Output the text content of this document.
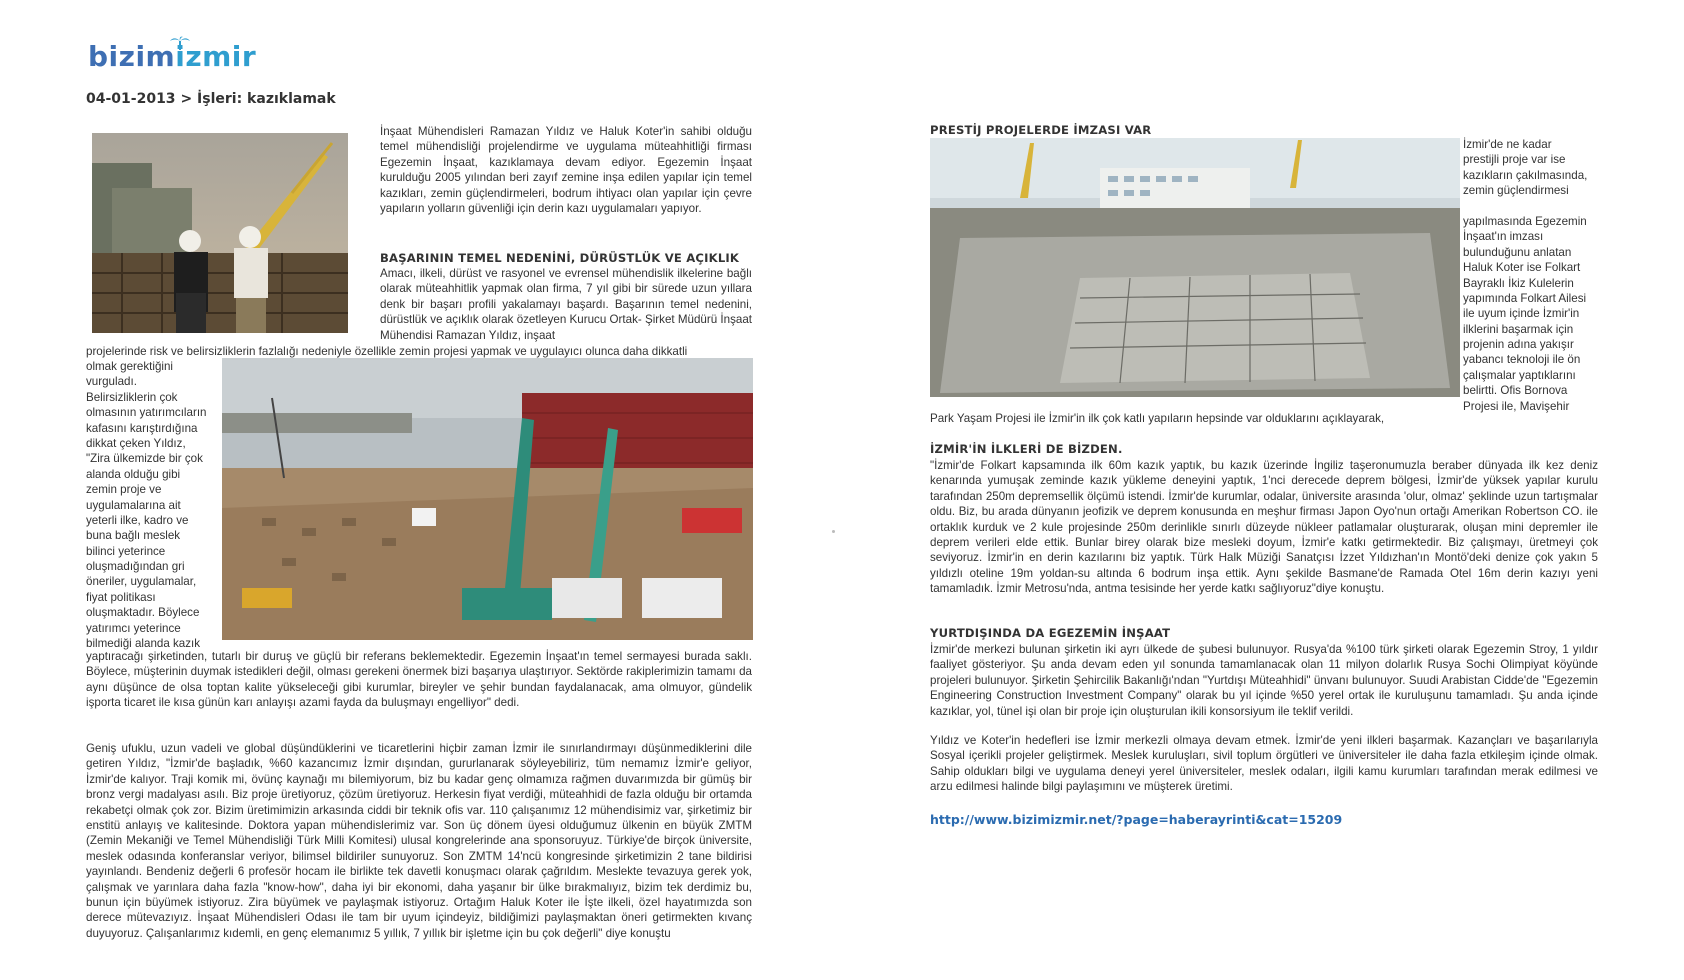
bizimizmir
04-01-2013 > İşleri: kazıklamak
İnşaat Mühendisleri Ramazan Yıldız ve Haluk Koter'in sahibi olduğu temel mühendisliği projelendirme ve uygulama müteahhitliği firması Egezemin İnşaat, kazıklamaya devam ediyor. Egezemin İnşaat kurulduğu 2005 yılından beri zayıf zemine inşa edilen yapılar için temel kazıkları, zemin güçlendirmeleri, bodrum ihtiyacı olan yapılar için çevre yapıların yolların güvenliği için derin kazı uygulamaları yapıyor.
BAŞARININ TEMEL NEDENİNİ, DÜRÜSTLÜK VE AÇIKLIK
Amacı, ilkeli, dürüst ve rasyonel ve evrensel mühendislik ilkelerine bağlı olarak müteahhitlik yapmak olan firma, 7 yıl gibi bir sürede uzun yıllara denk bir başarı profili yakalamayı başardı. Başarının temel nedenini, dürüstlük ve açıklık olarak özetleyen Kurucu Ortak- Şirket Müdürü İnşaat Mühendisi Ramazan Yıldız, inşaat
projelerinde risk ve belirsizliklerin fazlalığı nedeniyle özellikle zemin projesi yapmak ve uygulayıcı olunca daha dikkatli
olmak gerektiğini
vurguladı.
Belirsizliklerin çok
olmasının yatırımcıların
kafasını karıştırdığına
dikkat çeken Yıldız,
"Zira ülkemizde bir çok
alanda olduğu gibi
zemin proje ve
uygulamalarına ait
yeterli ilke, kadro ve
buna bağlı meslek
bilinci yeterince
oluşmadığından gri
öneriler, uygulamalar,
fiyat politikası
oluşmaktadır. Böylece
yatırımcı yeterince
bilmediği alanda kazık
yaptıracağı şirketinden, tutarlı bir duruş ve güçlü bir referans beklemektedir. Egezemin İnşaat'ın temel sermayesi burada saklı. Böylece, müşterinin duymak istedikleri değil, olması gerekeni önermek bizi başarıya ulaştırıyor. Sektörde rakiplerimizin tamamı da aynı düşünce de olsa toptan kalite yükseleceği gibi kurumlar, bireyler ve şehir bundan faydalanacak, ama olmuyor, gündelik işporta ticaret ile kısa günün karı anlayışı azami fayda da buluşmayı engelliyor" dedi.
Geniş ufuklu, uzun vadeli ve global düşündüklerini ve ticaretlerini hiçbir zaman İzmir ile sınırlandırmayı düşünmediklerini dile getiren Yıldız, "İzmir'de başladık, %60 kazancımız İzmir dışından, gururlanarak söyleyebiliriz, tüm nemamız İzmir'e geliyor, İzmir'de kalıyor. Traji komik mi, övünç kaynağı mı bilemiyorum, biz bu kadar genç olmamıza rağmen duvarımızda bir gümüş bir bronz vergi madalyası asılı. Biz proje üretiyoruz, çözüm üretiyoruz. Herkesin fiyat verdiği, müteahhidi de fazla olduğu bir ortamda rekabetçi olmak çok zor. Bizim üretimimizin arkasında ciddi bir teknik ofis var. 110 çalışanımız 12 mühendisimiz var, şirketimiz bir enstitü anlayış ve kalitesinde. Doktora yapan mühendislerimiz var. Son üç dönem üyesi olduğumuz ülkenin en büyük ZMTM (Zemin Mekaniği ve Temel Mühendisliği Türk Milli Komitesi) ulusal kongrelerinde ana sponsoruyuz. Türkiye'de birçok üniversite, meslek odasında konferanslar veriyor, bilimsel bildiriler sunuyoruz. Son ZMTM 14'ncü kongresinde şirketimizin 2 tane bildirisi yayınlandı. Bendeniz değerli 6 profesör hocam ile birlikte tek davetli konuşmacı olarak çağrıldım. Meslekte tevazuya gerek yok, çalışmak ve yarınlara daha fazla "know-how", daha iyi bir ekonomi, daha yaşanır bir ülke bırakmalıyız, bizim tek derdimiz bu, bunun için büyümek istiyoruz. Zira büyümek ve paylaşmak istiyoruz. Ortağım Haluk Koter ile İşte ilkeli, özel hayatımızda son derece mütevazıyız. İnşaat Mühendisleri Odası ile tam bir uyum içindeyiz, bildiğimizi paylaşmaktan öneri getirmekten kıvanç duyuyoruz. Çalışanlarımız kıdemli, en genç elemanımız 5 yıllık, 7 yıllık bir işletme için bu çok değerli" diye konuştu
PRESTİJ PROJELERDE İMZASI VAR
İzmir'de ne kadar
prestijli proje var ise
kazıkların çakılmasında,
zemin güçlendirmesi
yapılmasında Egezemin
İnşaat'ın imzası
bulunduğunu anlatan
Haluk Koter ise Folkart
Bayraklı İkiz Kulelerin
yapımında Folkart Ailesi
ile uyum içinde İzmir'in
ilklerini başarmak için
projenin adına yakışır
yabancı teknoloji ile ön
çalışmalar yaptıklarını
belirtti. Ofis Bornova
Projesi ile, Mavişehir
Park Yaşam Projesi ile İzmir'in ilk çok katlı yapıların hepsinde var olduklarını açıklayarak,
İZMİR'İN İLKLERİ DE BİZDEN.
"İzmir'de Folkart kapsamında ilk 60m kazık yaptık, bu kazık üzerinde İngiliz taşeronumuzla beraber dünyada ilk kez deniz kenarında yumuşak zeminde kazık yükleme deneyini yaptık, 1'nci derecede deprem bölgesi, İzmir'de yüksek yapılar kurulu tarafından 250m depremsellik ölçümü istendi. İzmir'de kurumlar, odalar, üniversite arasında 'olur, olmaz' şeklinde uzun tartışmalar oldu. Biz, bu arada dünyanın jeofizik ve deprem konusunda en meşhur firması Japon Oyo'nun ortağı Amerikan Robertson CO. ile ortaklık kurduk ve 2 kule projesinde 250m derinlikle sınırlı düzeyde nükleer patlamalar oluşturarak, oluşan mini depremler ile deprem verileri elde ettik. Bunlar birey olarak bize mesleki doyum, İzmir'e katkı getirmektedir. Biz çalışmayı, üretmeyi çok seviyoruz. İzmir'in en derin kazılarını biz yaptık. Türk Halk Müziği Sanatçısı İzzet Yıldızhan'ın Montö'deki denize çok yakın 5 yıldızlı oteline 19m yoldan-su altında 6 bodrum inşa ettik. Aynı şekilde Basmane'de Ramada Otel 16m derin kazıyı yeni tamamladık. İzmir Metrosu'nda, antma tesisinde her yerde katkı sağlıyoruz"diye konuştu.
YURTDIŞINDA DA EGEZEMİN İNŞAAT
İzmir'de merkezi bulunan şirketin iki ayrı ülkede de şubesi bulunuyor. Rusya'da %100 türk şirketi olarak Egezemin Stroy, 1 yıldır faaliyet gösteriyor. Şu anda devam eden yıl sonunda tamamlanacak olan 11 milyon dolarlık Rusya Sochi Olimpiyat köyünde projeleri bulunuyor. Şirketin Şehircilik Bakanlığı'ndan "Yurtdışı Müteahhidi" ünvanı bulunuyor. Suudi Arabistan Cidde'de "Egezemin Engineering Construction Investment Company" olarak bu yıl içinde %50 yerel ortak ile kuruluşunu tamamladı. Şu anda içinde kazıklar, yol, tünel işi olan bir proje için oluşturulan ikili konsorsiyum ile teklif verildi.
Yıldız ve Koter'in hedefleri ise İzmir merkezli olmaya devam etmek. İzmir'de yeni ilkleri başarmak. Kazançları ve başarılarıyla Sosyal içerikli projeler geliştirmek. Meslek kuruluşları, sivil toplum örgütleri ve üniversiteler ile daha fazla etkileşim içinde olmak. Sahip oldukları bilgi ve uygulama deneyi yerel üniversiteler, meslek odaları, ilgili kamu kurumları tarafından merak edilmesi ve arzu edilmesi halinde bilgi paylaşımını ve müşterek üretimi.
http://www.bizimizmir.net/?page=haberayrinti&cat=15209
